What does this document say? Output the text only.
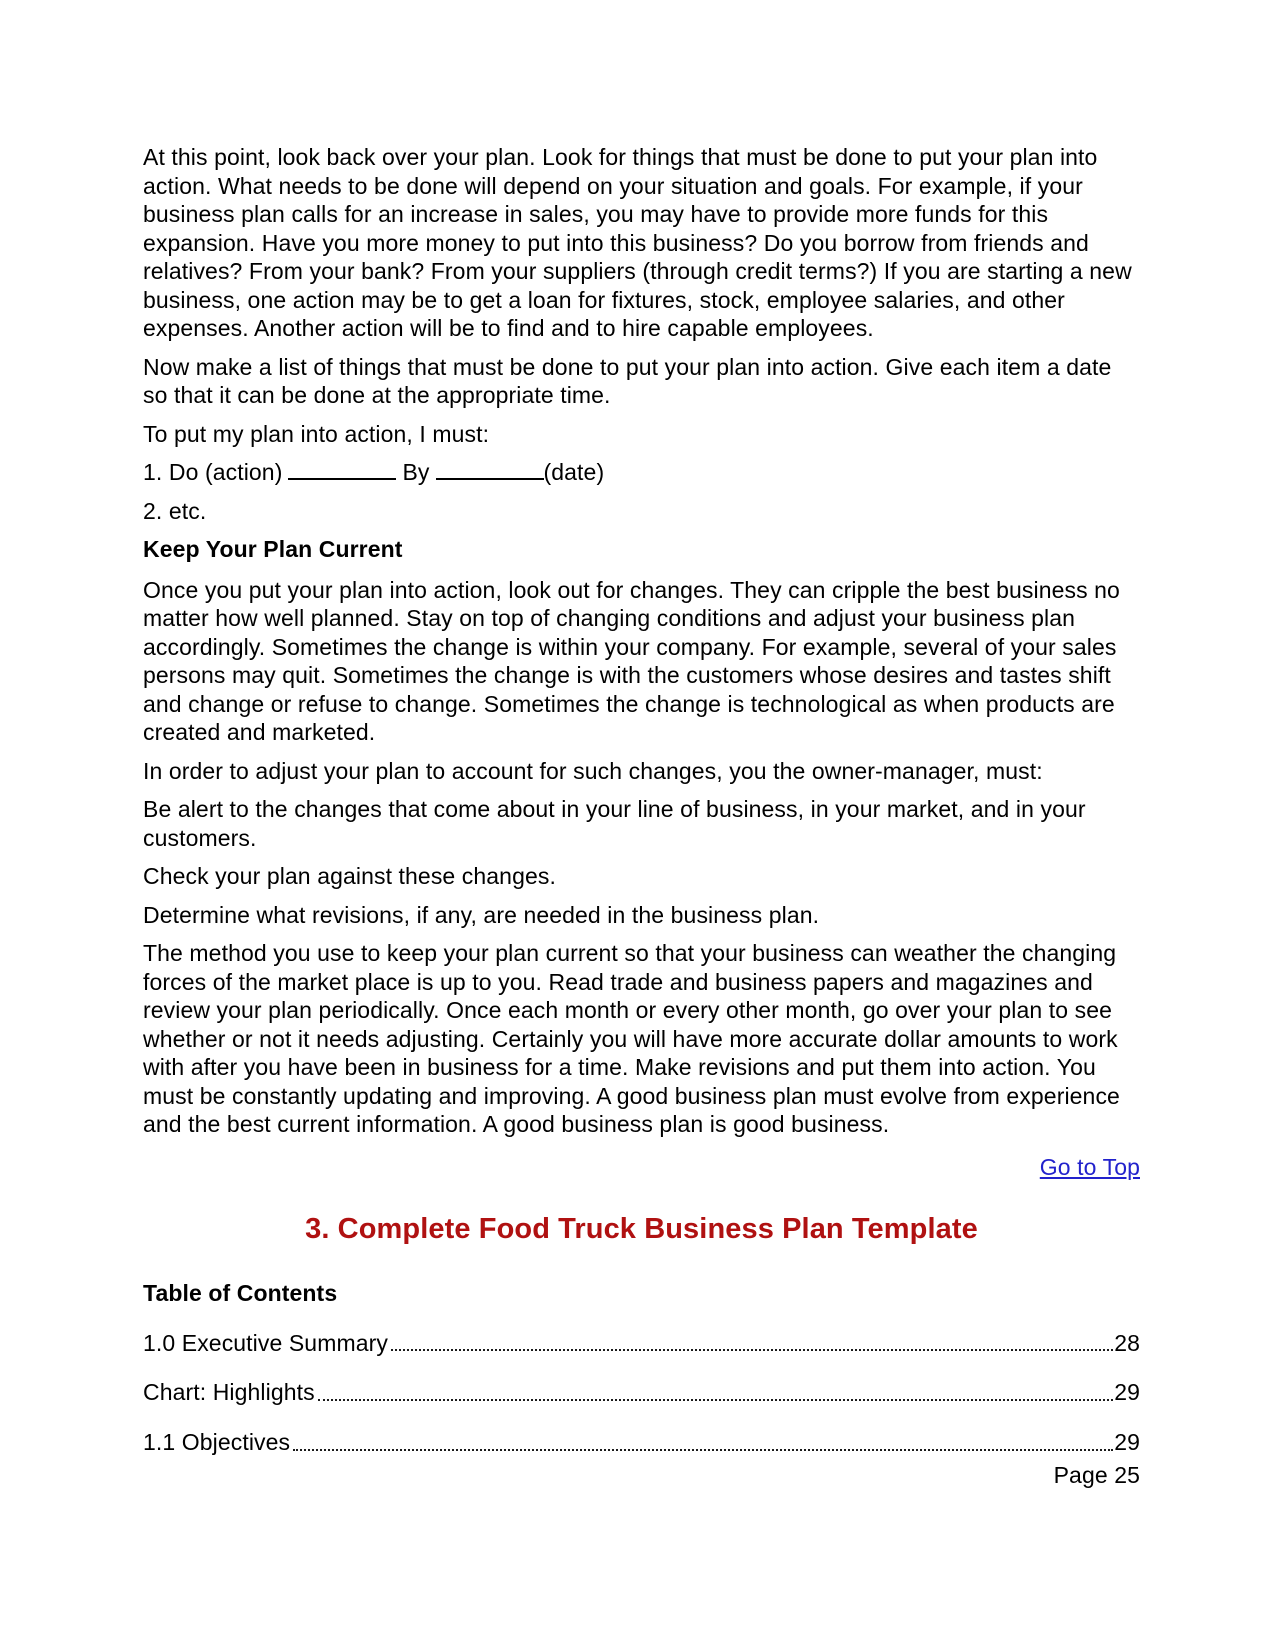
At this point, look back over your plan. Look for things that must be done to put your plan into action. What needs to be done will depend on your situation and goals. For example, if your business plan calls for an increase in sales, you may have to provide more funds for this expansion. Have you more money to put into this business? Do you borrow from friends and relatives? From your bank? From your suppliers (through credit terms?) If you are starting a new business, one action may be to get a loan for fixtures, stock, employee salaries, and other expenses. Another action will be to find and to hire capable employees.

Now make a list of things that must be done to put your plan into action. Give each item a date so that it can be done at the appropriate time.

To put my plan into action, I must:

1. Do (action)	By	(date)

2. etc.

Keep Your Plan Current

Once you put your plan into action, look out for changes. They can cripple the best business no matter how well planned. Stay on top of changing conditions and adjust your business plan accordingly. Sometimes the change is within your company. For example, several of your sales persons may quit. Sometimes the change is with the customers whose desires and tastes shift and change or refuse to change. Sometimes the change is technological as when products are created and marketed.

In order to adjust your plan to account for such changes, you the owner-manager, must:

Be alert to the changes that come about in your line of business, in your market, and in your customers.

Check your plan against these changes.

Determine what revisions, if any, are needed in the business plan.

The method you use to keep your plan current so that your business can weather the changing forces of the market place is up to you. Read trade and business papers and magazines and review your plan periodically. Once each month or every other month, go over your plan to see whether or not it needs adjusting. Certainly you will have more accurate dollar amounts to work with after you have been in business for a time. Make revisions and put them into action. You must be constantly updating and improving. A good business plan must evolve from experience and the best current information. A good business plan is good business.

Go to Top
3. Complete Food Truck Business Plan Template
Table of Contents
1.0 Executive Summary	28
Chart: Highlights	29
1.1 Objectives	29
Page 25
